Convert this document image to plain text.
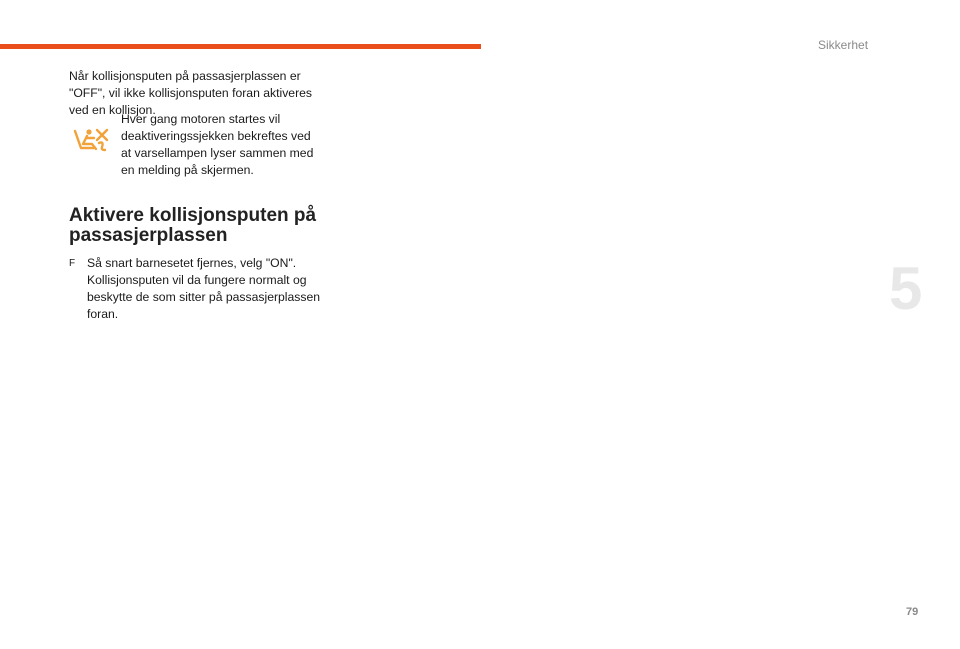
Sikkerhet
5
Når kollisjonsputen på passasjerplassen er "OFF", vil ikke kollisjonsputen foran aktiveres ved en kollisjon.
Hver gang motoren startes vil deaktiveringssjekken bekreftes ved at varsellampen lyser sammen med en melding på skjermen.
Aktivere kollisjonsputen på passasjerplassen
F Så snart barnesetet fjernes, velg "ON". Kollisjonsputen vil da fungere normalt og beskytte de som sitter på passasjerplassen foran.
79
